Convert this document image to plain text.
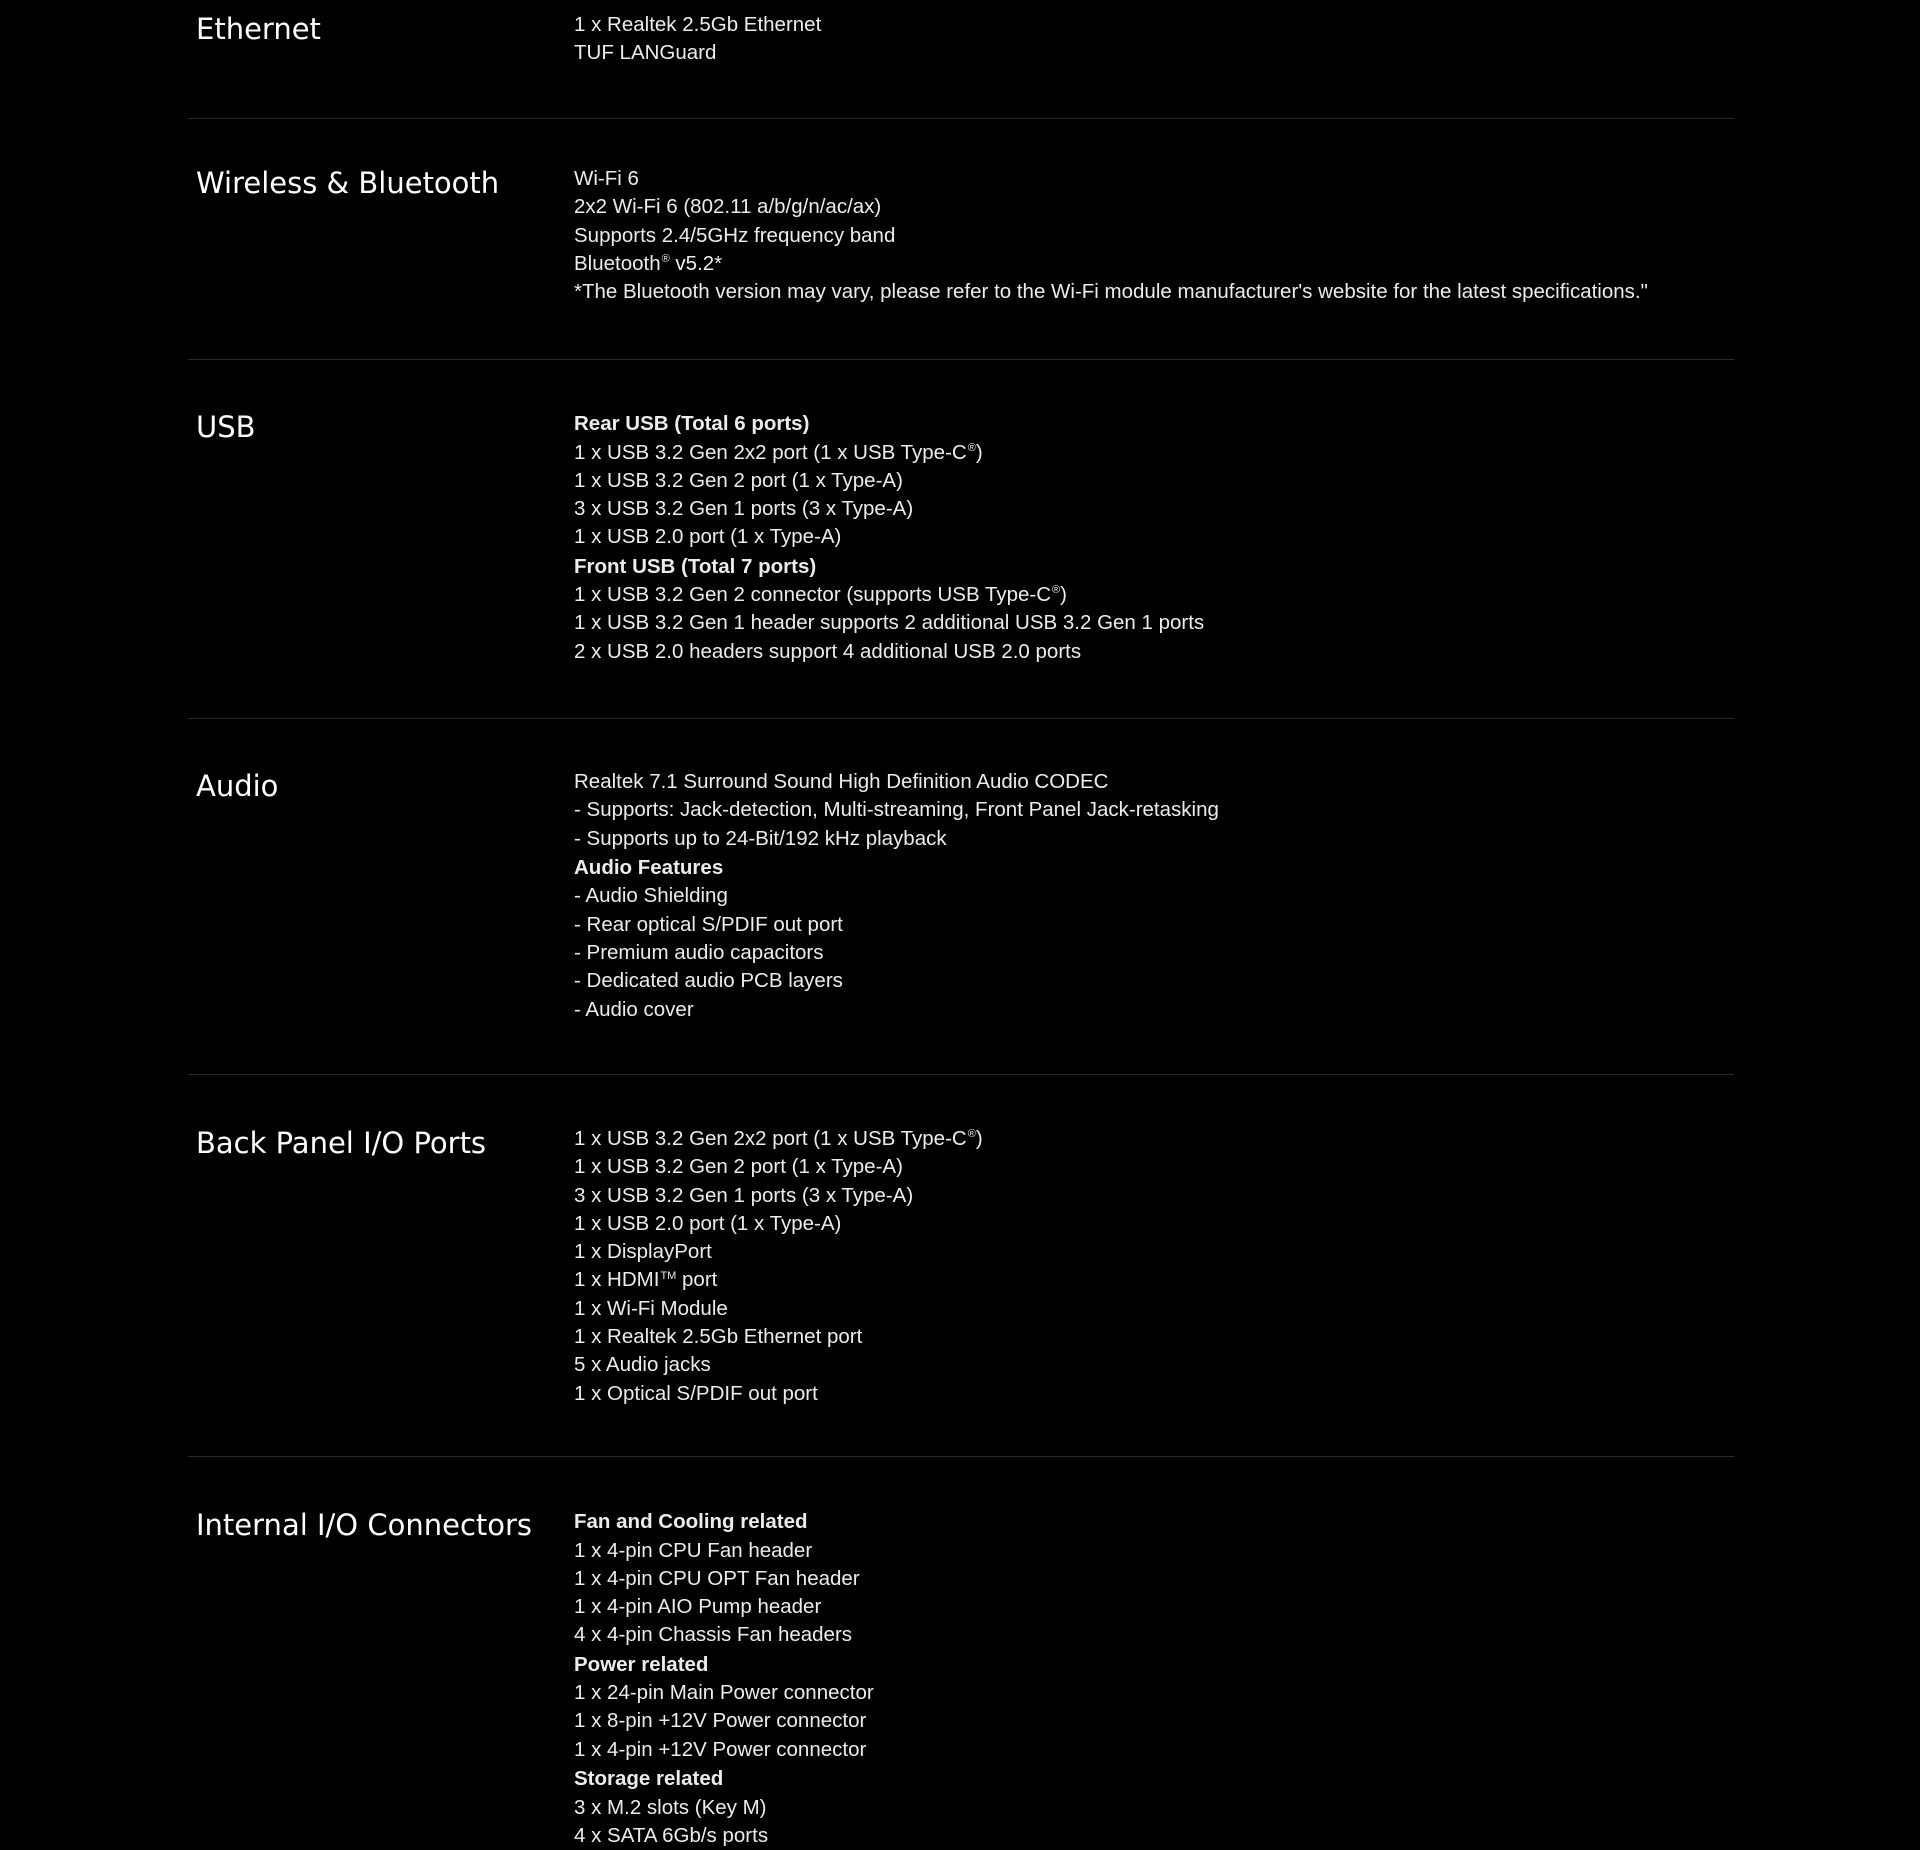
Ethernet	1 x Realtek 2.5Gb Ethernet
TUF LANGuard
Wireless & Bluetooth	Wi-Fi 6
2x2 Wi-Fi 6 (802.11 a/b/g/n/ac/ax)
Supports 2.4/5GHz frequency band
Bluetooth® v5.2*
*The Bluetooth version may vary, please refer to the Wi-Fi module manufacturer's website for the latest specifications."
USB	Rear USB (Total 6 ports)
1 x USB 3.2 Gen 2x2 port (1 x USB Type-C®)
1 x USB 3.2 Gen 2 port (1 x Type-A)
3 x USB 3.2 Gen 1 ports (3 x Type-A)
1 x USB 2.0 port (1 x Type-A)
Front USB (Total 7 ports)
1 x USB 3.2 Gen 2 connector (supports USB Type-C®)
1 x USB 3.2 Gen 1 header supports 2 additional USB 3.2 Gen 1 ports
2 x USB 2.0 headers support 4 additional USB 2.0 ports
Audio	Realtek 7.1 Surround Sound High Definition Audio CODEC
- Supports: Jack-detection, Multi-streaming, Front Panel Jack-retasking
- Supports up to 24-Bit/192 kHz playback
Audio Features
- Audio Shielding
- Rear optical S/PDIF out port
- Premium audio capacitors
- Dedicated audio PCB layers
- Audio cover
Back Panel I/O Ports	1 x USB 3.2 Gen 2x2 port (1 x USB Type-C®)
1 x USB 3.2 Gen 2 port (1 x Type-A)
3 x USB 3.2 Gen 1 ports (3 x Type-A)
1 x USB 2.0 port (1 x Type-A)
1 x DisplayPort
1 x HDMI™ port
1 x Wi-Fi Module
1 x Realtek 2.5Gb Ethernet port
5 x Audio jacks
1 x Optical S/PDIF out port
Internal I/O Connectors	Fan and Cooling related
1 x 4-pin CPU Fan header
1 x 4-pin CPU OPT Fan header
1 x 4-pin AIO Pump header
4 x 4-pin Chassis Fan headers
Power related
1 x 24-pin Main Power connector
1 x 8-pin +12V Power connector
1 x 4-pin +12V Power connector
Storage related
3 x M.2 slots (Key M)
4 x SATA 6Gb/s ports
